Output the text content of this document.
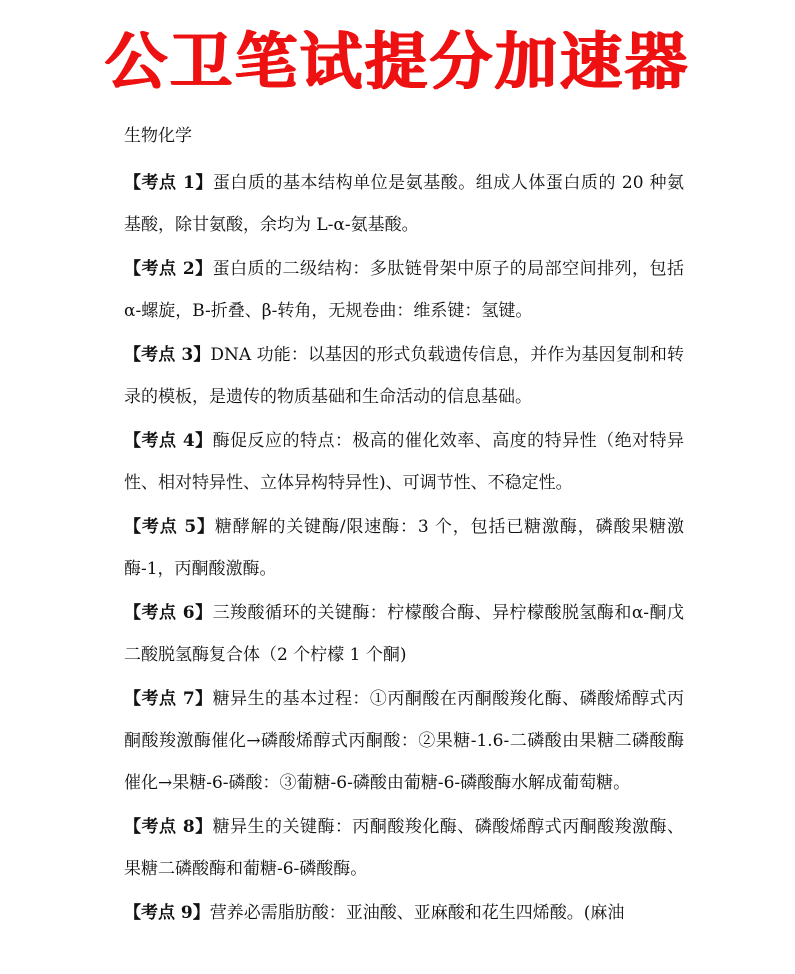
公卫笔试提分加速器
生物化学
【考点 1】蛋白质的基本结构单位是氨基酸。组成人体蛋白质的 20 种氨基酸，除甘氨酸，余均为 L-α-氨基酸。
【考点 2】蛋白质的二级结构：多肽链骨架中原子的局部空间排列，包括α-螺旋，B-折叠、β-转角，无规卷曲：维系键：氢键。
【考点 3】DNA 功能：以基因的形式负载遗传信息，并作为基因复制和转录的模板，是遗传的物质基础和生命活动的信息基础。
【考点 4】酶促反应的特点：极高的催化效率、高度的特异性（绝对特异性、相对特异性、立体异构特异性)、可调节性、不稳定性。
【考点 5】糖酵解的关键酶/限速酶：3 个，包括已糖激酶，磷酸果糖激酶-1，丙酮酸激酶。
【考点 6】三羧酸循环的关键酶：柠檬酸合酶、异柠檬酸脱氢酶和α-酮戊二酸脱氢酶复合体（2 个柠檬 1 个酮)
【考点 7】糖异生的基本过程：①丙酮酸在丙酮酸羧化酶、磷酸烯醇式丙酮酸羧激酶催化→磷酸烯醇式丙酮酸：②果糖-1.6-二磷酸由果糖二磷酸酶催化→果糖-6-磷酸：③葡糖-6-磷酸由葡糖-6-磷酸酶水解成葡萄糖。
【考点 8】糖异生的关键酶：丙酮酸羧化酶、磷酸烯醇式丙酮酸羧激酶、果糖二磷酸酶和葡糖-6-磷酸酶。
【考点 9】营养必需脂肪酸：亚油酸、亚麻酸和花生四烯酸。(麻油
